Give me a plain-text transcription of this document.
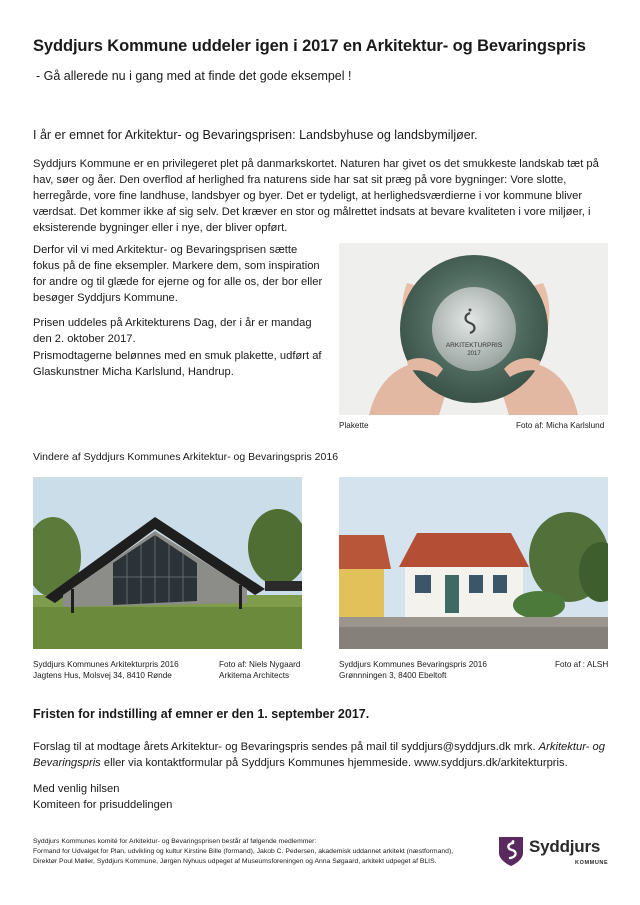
Syddjurs Kommune uddeler igen i 2017 en Arkitektur- og Bevaringspris
- Gå allerede nu i gang med at finde det gode eksempel !
I år er emnet for Arkitektur- og Bevaringsprisen: Landsbyhuse og landsbymiljøer.
Syddjurs Kommune er en privilegeret plet på danmarkskortet. Naturen har givet os det smukkeste landskab tæt på hav, søer og åer. Den overflod af herlighed fra naturens side har sat sit præg på vore bygninger: Vore slotte, herregårde, vore fine landhuse, landsbyer og byer. Det er tydeligt, at herlighedsværdierne i vor kommune bliver værdsat. Det kommer ikke af sig selv. Det kræver en stor og målrettet indsats at bevare kvaliteten i vore miljøer, i eksisterende bygninger eller i nye, der bliver opført.
Derfor vil vi med Arkitektur- og Bevaringsprisen sætte fokus på de fine eksempler. Markere dem, som inspiration for andre og til glæde for ejerne og for alle os, der bor eller besøger Syddjurs Kommune.
Prisen uddeles på Arkitekturens Dag, der i år er mandag den 2. oktober 2017.
Prismodtagerne belønnes med en smuk plakette, udført af Glaskunstner Micha Karlslund, Handrup.
ARKITEKTURPRIS
2017
Plakette	Foto af: Micha Karlslund
Vindere af Syddjurs Kommunes Arkitektur- og Bevaringspris 2016
Syddjurs Kommunes Arkitekturpris 2016
Jagtens Hus, Molsvej 34, 8410 Rønde
Foto af: Niels Nygaard
Arkitema Architects
Syddjurs Kommunes Bevaringspris 2016
Grønnningen 3, 8400 Ebeltoft
Foto af : ALSH
Fristen for indstilling af emner er den 1. september 2017.
Forslag til at modtage årets Arkitektur- og Bevaringspris sendes på mail til syddjurs@syddjurs.dk mrk. Arkitektur- og Bevaringspris eller via kontaktformular på Syddjurs Kommunes hjemmeside. www.syddjurs.dk/arkitekturpris.
Med venlig hilsen
Komiteen for prisuddelingen
Syddjurs Kommunes komité for Arkitektur- og Bevaringsprisen består af følgende medlemmer:
Formand for Udvalget for Plan, udvikling og kultur Kirstine Bille (formand), Jakob C. Pedersen, akademisk uddannet arkitekt (næstformand),
Direktør Poul Møller, Syddjurs Kommune, Jørgen Nyhuus udpeget af Museumsforeningen og Anna Søgaard, arkitekt udpeget af BLIS.
Syddjurs
KOMMUNE
